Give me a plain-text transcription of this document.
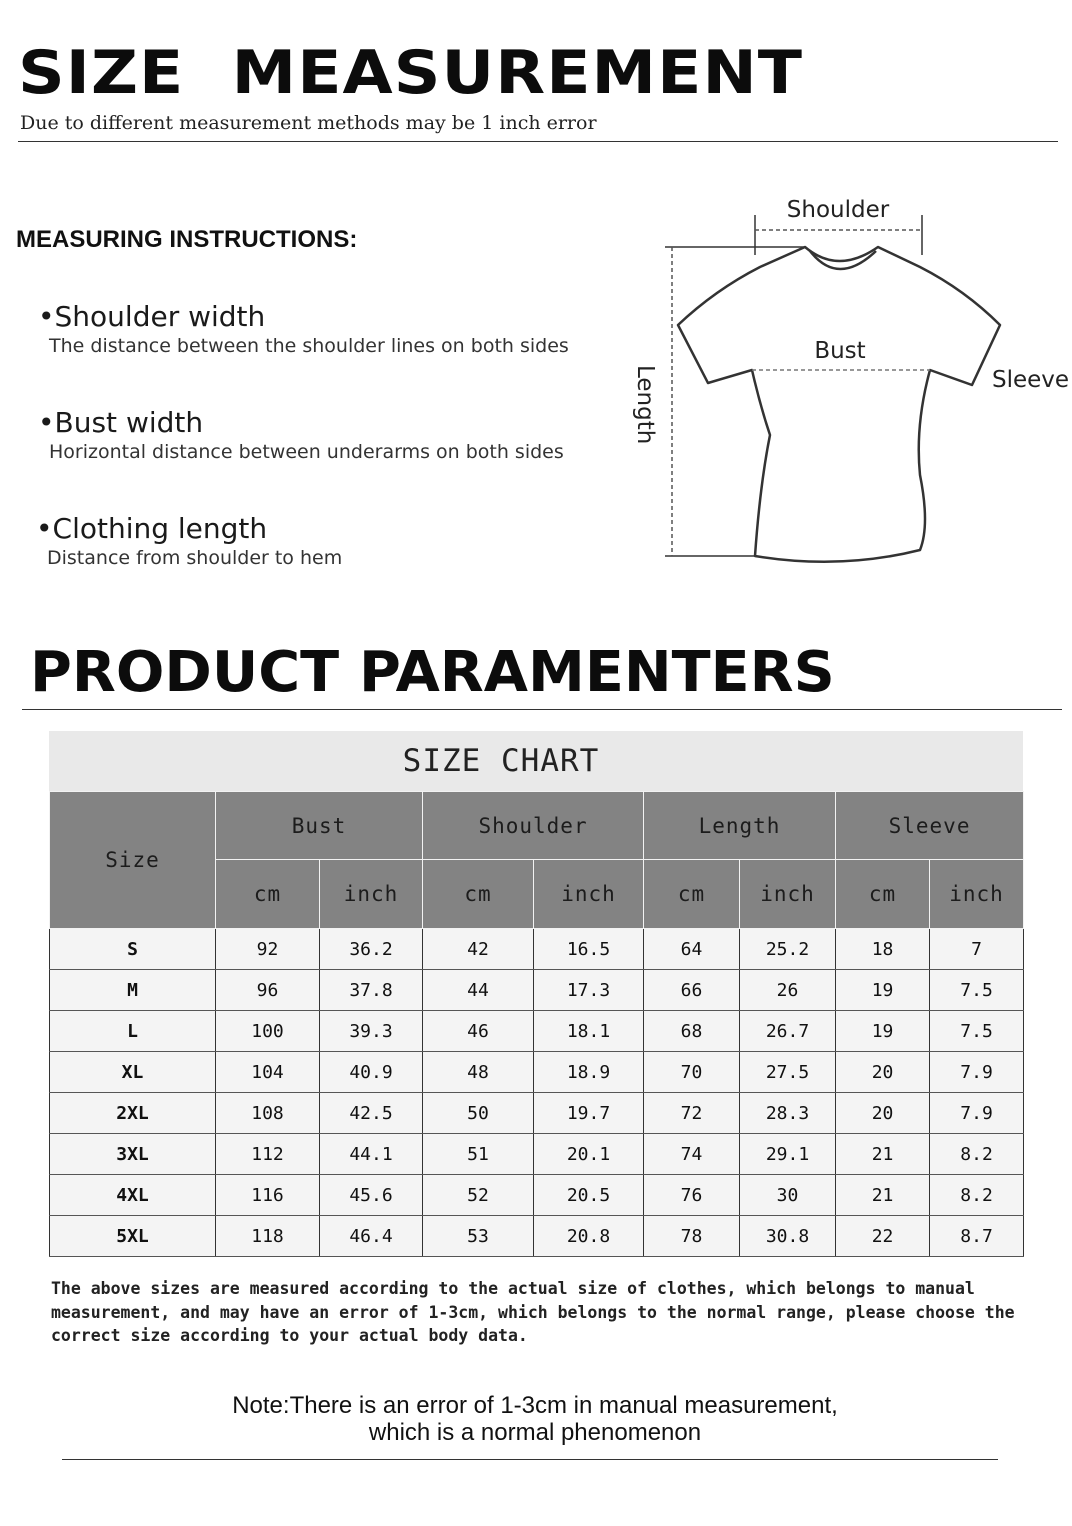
SIZE  MEASUREMENT
Due to different measurement methods may be 1 inch error
MEASURING INSTRUCTIONS:
•Shoulder width
The distance between the shoulder lines on both sides
•Bust width
Horizontal distance between underarms on both sides
•Clothing length
Distance from shoulder to hem
Shoulder
Length
Bust
Sleeve
PRODUCT PARAMENTERS
SIZE CHART
Size	Bust		Shoulder		Length		Sleeve	
	cm	inch	cm	inch	cm	inch	cm	inch
S	92	36.2	42	16.5	64	25.2	18	7
M	96	37.8	44	17.3	66	26	19	7.5
L	100	39.3	46	18.1	68	26.7	19	7.5
XL	104	40.9	48	18.9	70	27.5	20	7.9
2XL	108	42.5	50	19.7	72	28.3	20	7.9
3XL	112	44.1	51	20.1	74	29.1	21	8.2
4XL	116	45.6	52	20.5	76	30	21	8.2
5XL	118	46.4	53	20.8	78	30.8	22	8.7
The above sizes are measured according to the actual size of clothes, which belongs to manual measurement, and may have an error of 1-3cm, which belongs to the normal range, please choose the correct size according to your actual body data.
Note:There is an error of 1-3cm in manual measurement,
which is a normal phenomenon
